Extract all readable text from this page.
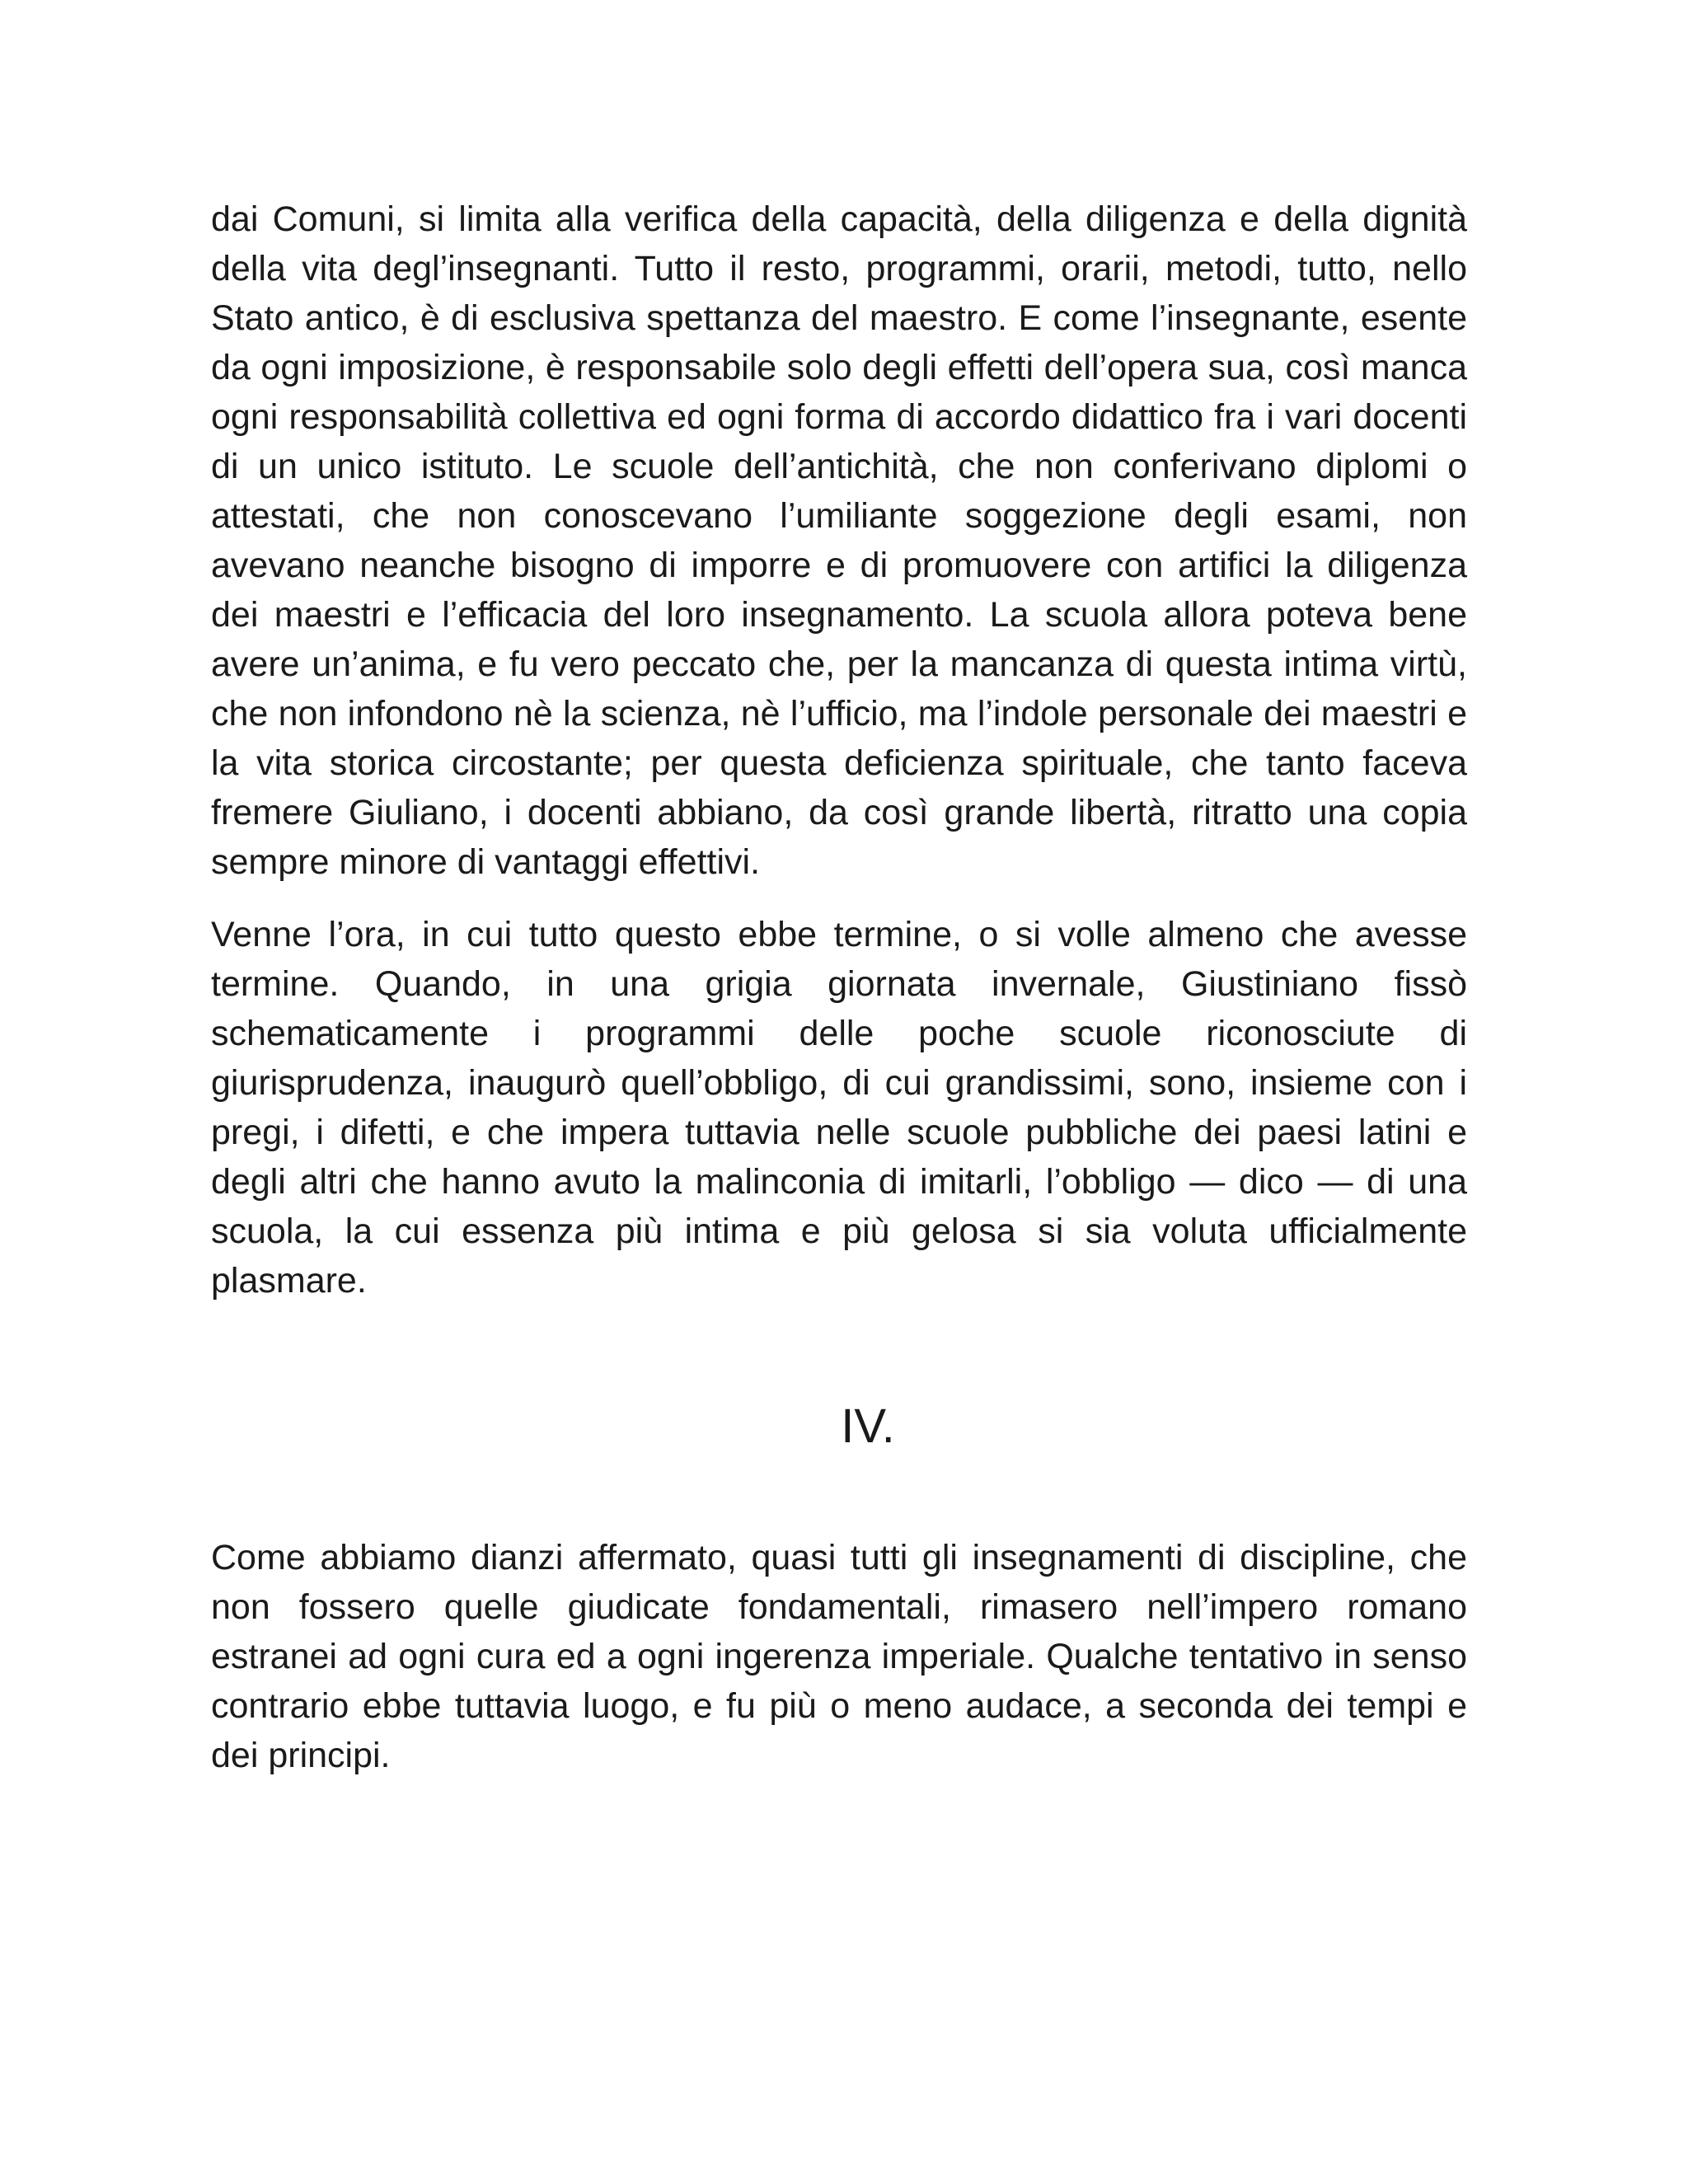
dai Comuni, si limita alla verifica della capacità, della diligenza e della dignità della vita degl’insegnanti. Tutto il resto, programmi, orarii, metodi, tutto, nello Stato antico, è di esclusiva spettanza del maestro. E come l’insegnante, esente da ogni imposizione, è responsabile solo degli effetti dell’opera sua, così manca ogni responsabilità collettiva ed ogni forma di accordo didattico fra i vari docenti di un unico istituto. Le scuole dell’antichità, che non conferivano diplomi o attestati, che non conoscevano l’umiliante soggezione degli esami, non avevano neanche bisogno di imporre e di promuovere con artifici la diligenza dei maestri e l’efficacia del loro insegnamento. La scuola allora poteva bene avere un’anima, e fu vero peccato che, per la mancanza di questa intima virtù, che non infondono nè la scienza, nè l’ufficio, ma l’indole personale dei maestri e la vita storica circostante; per questa deficienza spirituale, che tanto faceva fremere Giuliano, i docenti abbiano, da così grande libertà, ritratto una copia sempre minore di vantaggi effettivi.

Venne l’ora, in cui tutto questo ebbe termine, o si volle almeno che avesse termine. Quando, in una grigia giornata invernale, Giustiniano fissò schematicamente i programmi delle poche scuole riconosciute di giurisprudenza, inaugurò quell’obbligo, di cui grandissimi, sono, insieme con i pregi, i difetti, e che impera tuttavia nelle scuole pubbliche dei paesi latini e degli altri che hanno avuto la malinconia di imitarli, l’obbligo — dico — di una scuola, la cui essenza più intima e più gelosa si sia voluta ufficialmente plasmare.

IV.

Come abbiamo dianzi affermato, quasi tutti gli insegnamenti di discipline, che non fossero quelle giudicate fondamentali, rimasero nell’impero romano estranei ad ogni cura ed a ogni ingerenza imperiale. Qualche tentativo in senso contrario ebbe tuttavia luogo, e fu più o meno audace, a seconda dei tempi e dei principi.
